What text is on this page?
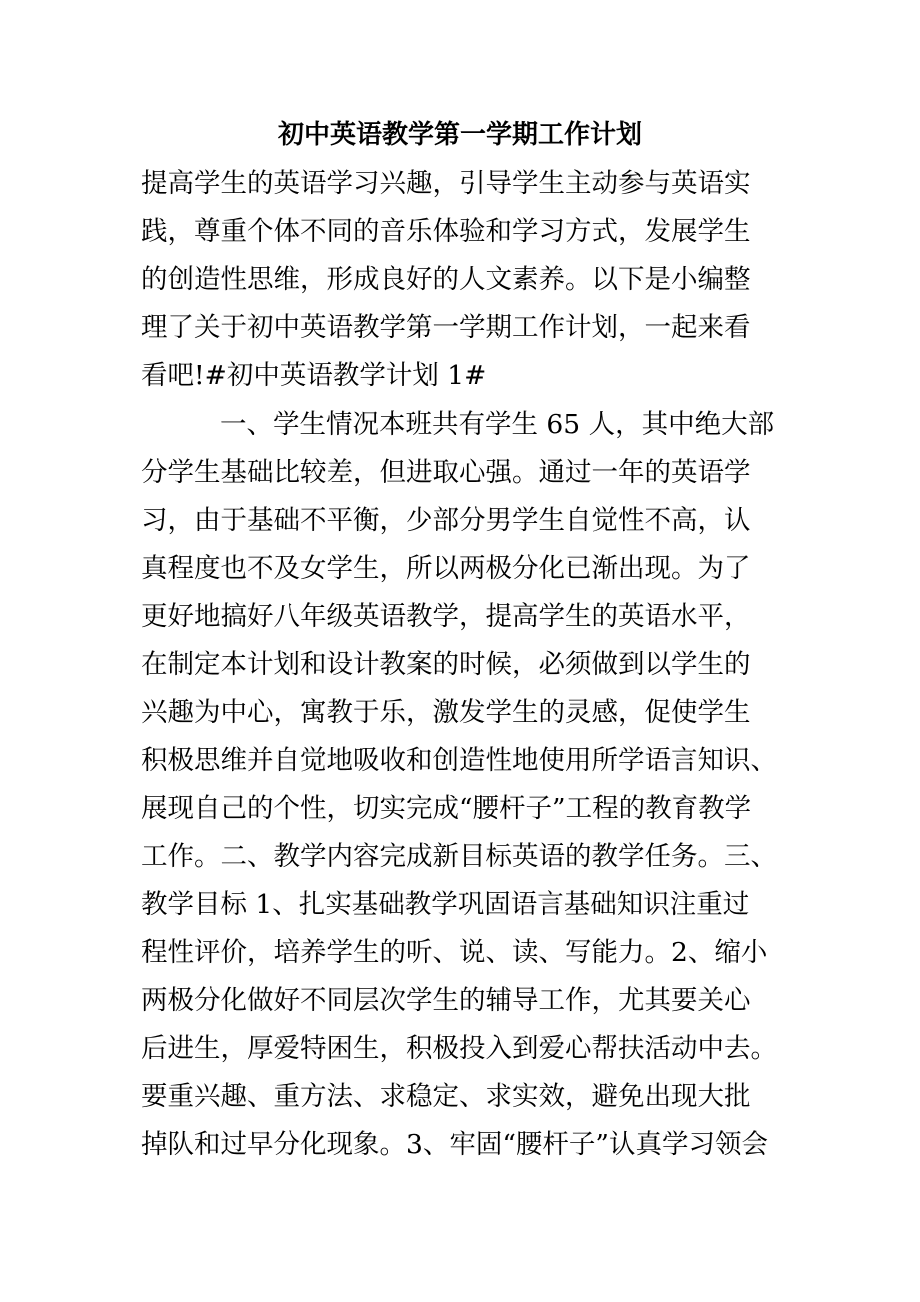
初中英语教学第一学期工作计划
提高学生的英语学习兴趣，引导学生主动参与英语实
践，尊重个体不同的音乐体验和学习方式，发展学生
的创造性思维，形成良好的人文素养。以下是小编整
理了关于初中英语教学第一学期工作计划，一起来看
看吧!#初中英语教学计划 1#
一、学生情况本班共有学生 65 人，其中绝大部
分学生基础比较差，但进取心强。通过一年的英语学
习，由于基础不平衡，少部分男学生自觉性不高，认
真程度也不及女学生，所以两极分化已渐出现。为了
更好地搞好八年级英语教学，提高学生的英语水平，
在制定本计划和设计教案的时候，必须做到以学生的
兴趣为中心，寓教于乐，激发学生的灵感，促使学生
积极思维并自觉地吸收和创造性地使用所学语言知识、
展现自己的个性，切实完成“腰杆子”工程的教育教学
工作。二、教学内容完成新目标英语的教学任务。三、
教学目标 1、扎实基础教学巩固语言基础知识注重过
程性评价，培养学生的听、说、读、写能力。2、缩小
两极分化做好不同层次学生的辅导工作，尤其要关心
后进生，厚爱特困生，积极投入到爱心帮扶活动中去。
要重兴趣、重方法、求稳定、求实效，避免出现大批
掉队和过早分化现象。3、牢固“腰杆子”认真学习领会
